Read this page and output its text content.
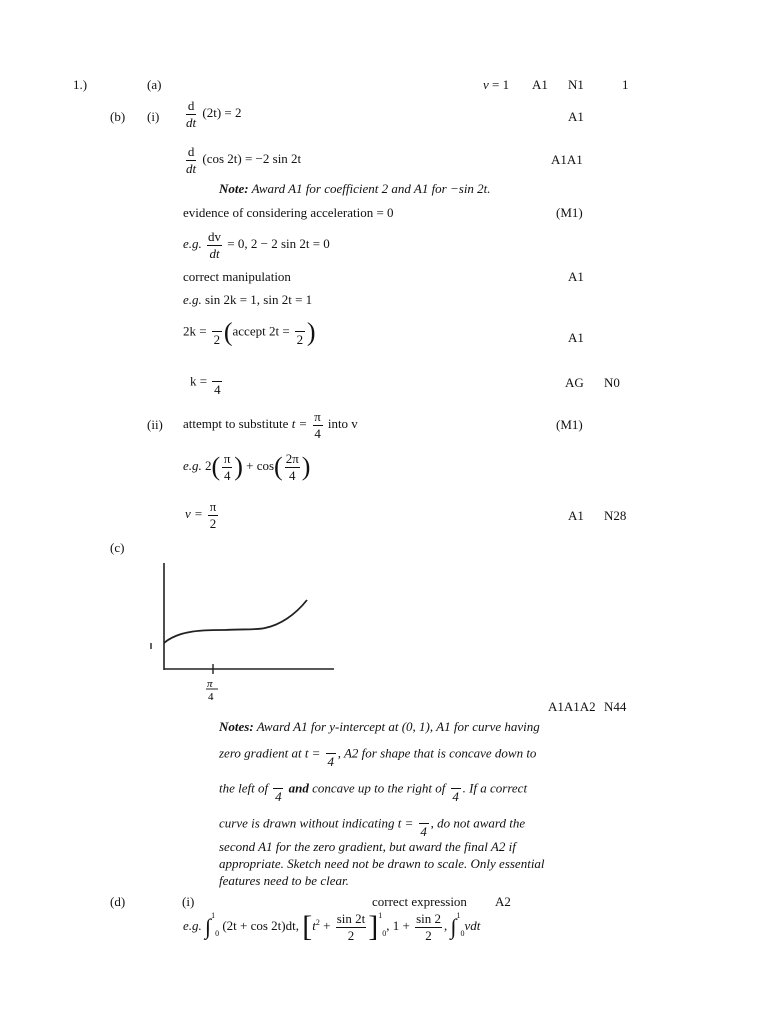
1.)	(a)	v = 1 A1 N1	1
(b) $(i) \frac{d}{dt} (2t) = 2$	A1
$\frac{d}{dt} (\cos$ 2t) = −2 sin 2t	A1A1
Note: Award A1 for coefficient 2 and A1 for −sin 2t.
evidence of considering acceleration = 0	(M1)
e.g. $\frac{dv}{dt} = 0$, 2 − 2 sin 2t = 0
correct manipulation	A1
e.g. sin 2k = 1, sin 2t = 1
2k =
2 (accept 2t =
2 )	A1
k =
4	AG N0
(ii) attempt to substitute $t = \frac{\pi}{4}$ into v	(M1)
e.g. $2( \frac{\pi}{4}$ ) + $\cos( \frac{2\pi}{4}$ )
$v = \frac{\pi}{2}$	A1 N28
(c)
π
4
A1A1A2 N44
Notes: Award A1 for y-intercept at (0, 1), A1 for curve having
zero gradient at t =
4
, A2 for shape that is concave down to
the left of
4
and concave up to the right of
4
. If a correct
curve is drawn without indicating t =
4
, do not award the
second A1 for the zero gradient, but award the final A2 if
appropriate. Sketch need not be drawn to scale. Only essential
features need to be clear.
(d)	(i)	correct expression A2
e.g. ∫$^1_0$ (2t + cos 2t)dt, $[t^2 + \frac{\sin 2t}{2} ]^1_0$, $1 + \frac{\sin 2}{2}$ , ∫$^1_0$vdt
